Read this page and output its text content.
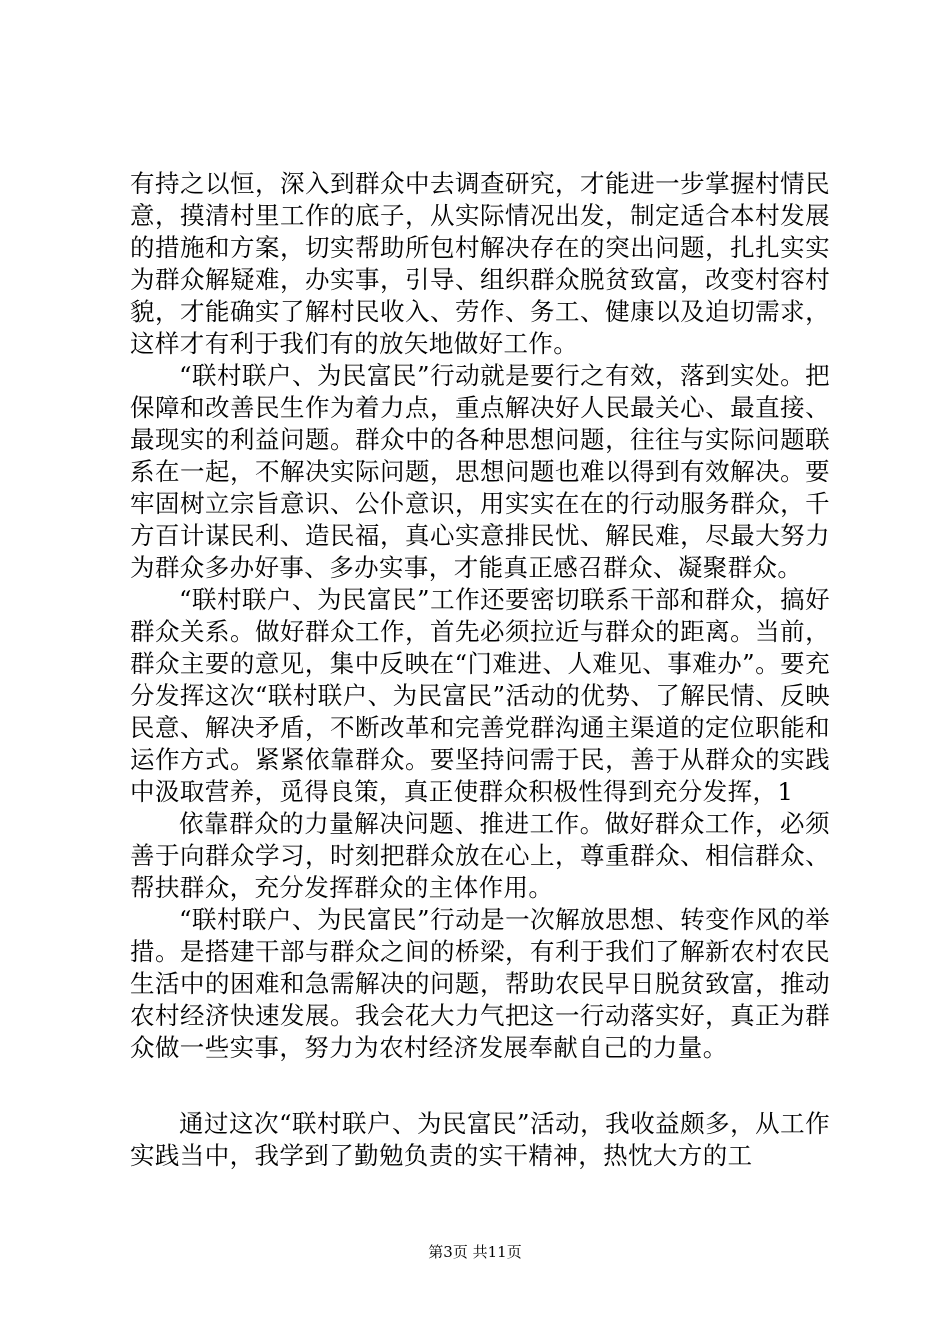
有持之以恒，深入到群众中去调查研究，才能进一步掌握村情民意，摸清村里工作的底子，从实际情况出发，制定适合本村发展的措施和方案，切实帮助所包村解决存在的突出问题，扎扎实实为群众解疑难，办实事，引导、组织群众脱贫致富，改变村容村貌，才能确实了解村民收入、劳作、务工、健康以及迫切需求，这样才有利于我们有的放矢地做好工作。

“联村联户、为民富民”行动就是要行之有效，落到实处。把保障和改善民生作为着力点，重点解决好人民最关心、最直接、最现实的利益问题。群众中的各种思想问题，往往与实际问题联系在一起，不解决实际问题，思想问题也难以得到有效解决。要牢固树立宗旨意识、公仆意识，用实实在在的行动服务群众，千方百计谋民利、造民福，真心实意排民忧、解民难，尽最大努力为群众多办好事、多办实事，才能真正感召群众、凝聚群众。

“联村联户、为民富民”工作还要密切联系干部和群众，搞好群众关系。做好群众工作，首先必须拉近与群众的距离。当前，群众主要的意见，集中反映在“门难进、人难见、事难办”。要充分发挥这次“联村联户、为民富民”活动的优势、了解民情、反映民意、解决矛盾，不断改革和完善党群沟通主渠道的定位职能和运作方式。紧紧依靠群众。要坚持问需于民，善于从群众的实践中汲取营养，觅得良策，真正使群众积极性得到充分发挥，1

依靠群众的力量解决问题、推进工作。做好群众工作，必须善于向群众学习，时刻把群众放在心上，尊重群众、相信群众、帮扶群众，充分发挥群众的主体作用。

“联村联户、为民富民”行动是一次解放思想、转变作风的举措。是搭建干部与群众之间的桥梁，有利于我们了解新农村农民生活中的困难和急需解决的问题，帮助农民早日脱贫致富，推动农村经济快速发展。我会花大力气把这一行动落实好，真正为群众做一些实事，努力为农村经济发展奉献自己的力量。

通过这次“联村联户、为民富民”活动，我收益颇多，从工作实践当中，我学到了勤勉负责的实干精神，热忱大方的工

第3页 共11页
